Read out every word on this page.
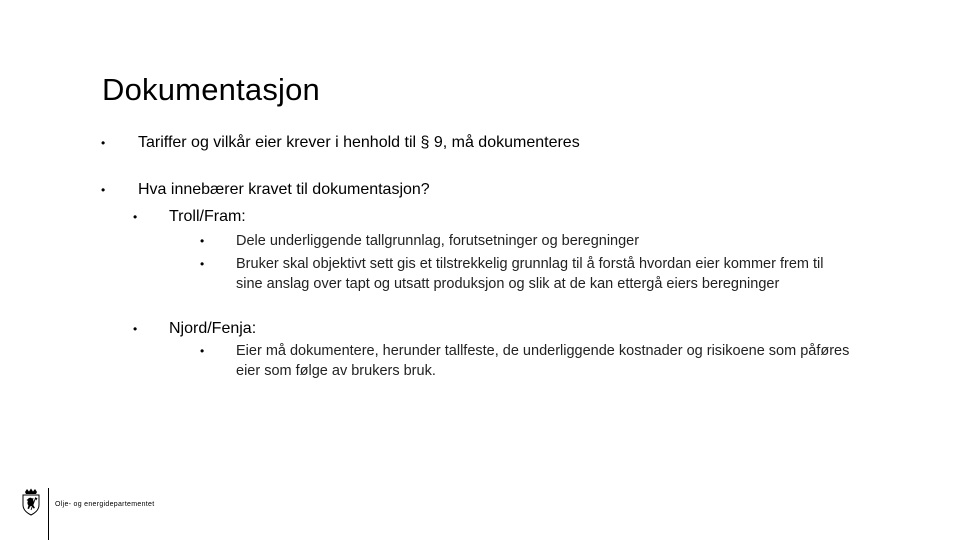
Dokumentasjon
• Tariffer og vilkår eier krever i henhold til § 9, må dokumenteres
• Hva innebærer kravet til dokumentasjon?
• Troll/Fram:
• Dele underliggende tallgrunnlag, forutsetninger og beregninger
• Bruker skal objektivt sett gis et tilstrekkelig grunnlag til å forstå hvordan eier kommer frem til sine anslag over tapt og utsatt produksjon og slik at de kan ettergå eiers beregninger
• Njord/Fenja:
• Eier må dokumentere, herunder tallfeste, de underliggende kostnader og risikoene som påføres eier som følge av brukers bruk.
Olje- og energidepartementet
